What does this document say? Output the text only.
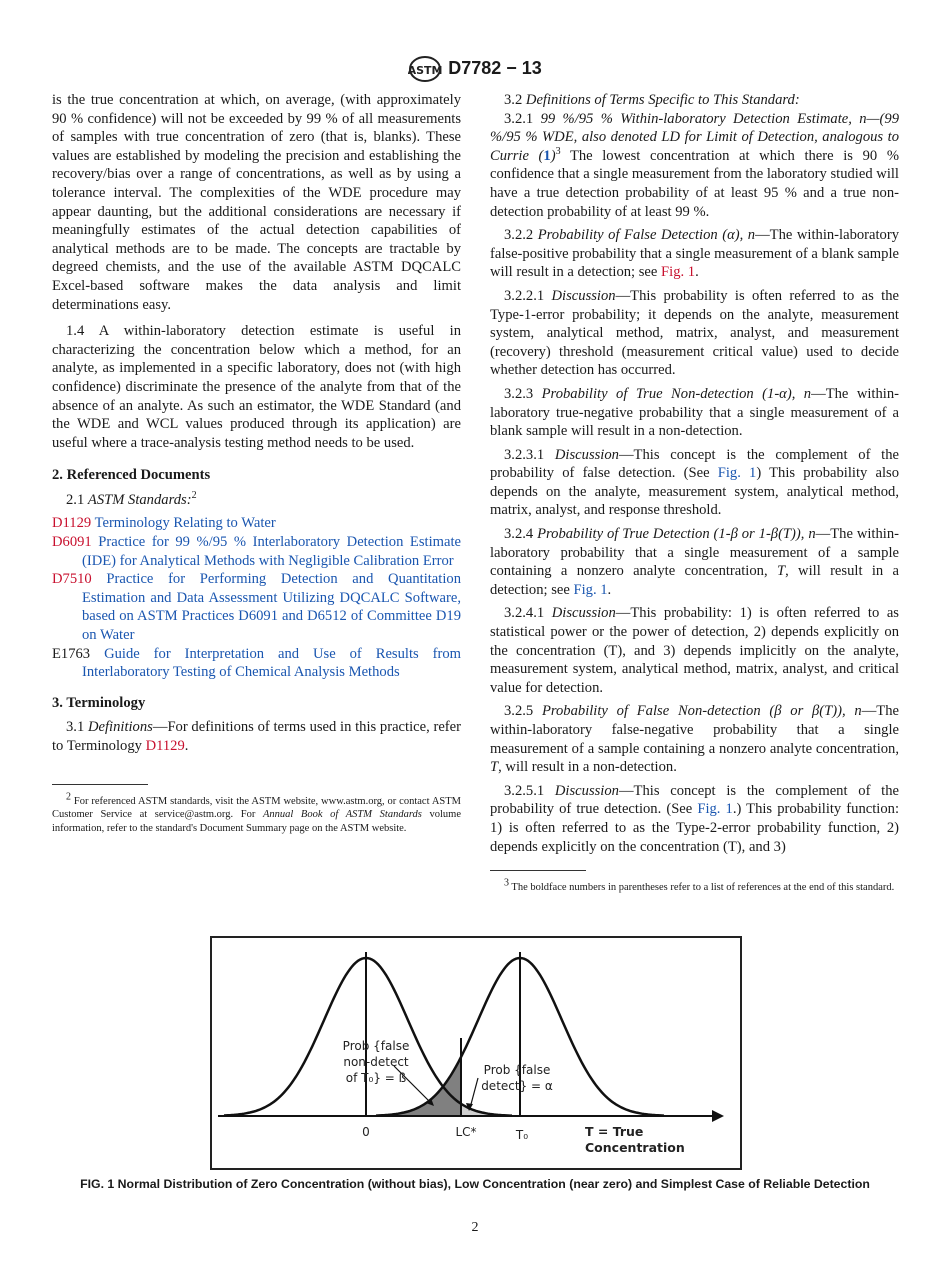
ASTM D7782 − 13

is the true concentration at which, on average, (with approximately 90 % confidence) will not be exceeded by 99 % of all measurements of samples with true concentration of zero (that is, blanks). These values are established by modeling the precision and establishing the recovery/bias over a range of concentrations, as well as by using a tolerance interval. The complexities of the WDE procedure may appear daunting, but the additional considerations are necessary if meaningfully estimates of the actual detection capabilities of analytical methods are to be made. The concepts are tractable by degreed chemists, and the use of the available ASTM DQCALC Excel-based software makes the data analysis and limit determinations easy.

1.4 A within-laboratory detection estimate is useful in characterizing the concentration below which a method, for an analyte, as implemented in a specific laboratory, does not (with high confidence) discriminate the presence of the analyte from that of the absence of an analyte. As such an estimator, the WDE Standard (and the WDE and WCL values produced through its application) are useful where a trace-analysis testing method needs to be used.

2. Referenced Documents

2.1 ASTM Standards:$^2$

D1129 Terminology Relating to Water

D6091 Practice for 99 %/95 % Interlaboratory Detection Estimate (IDE) for Analytical Methods with Negligible Calibration Error

D7510 Practice for Performing Detection and Quantitation Estimation and Data Assessment Utilizing DQCALC Software, based on ASTM Practices D6091 and D6512 of Committee D19 on Water

E1763 Guide for Interpretation and Use of Results from Interlaboratory Testing of Chemical Analysis Methods

3. Terminology

3.1 Definitions—For definitions of terms used in this practice, refer to Terminology D1129.

$^2$ For referenced ASTM standards, visit the ASTM website, www.astm.org, or contact ASTM Customer Service at service@astm.org. For Annual Book of ASTM Standards volume information, refer to the standard's Document Summary page on the ASTM website.

3.2 Definitions of Terms Specific to This Standard:

3.2.1 99 %/95 % Within-laboratory Detection Estimate, n—(99 %/95 % WDE, also denoted LD for Limit of Detection, analogous to Currie $(1)^3$ The lowest concentration at which there is 90 % confidence that a single measurement from the laboratory studied will have a true detection probability of at least 95 % and a true non-detection probability of at least 99 %.

3.2.2 Probability of False Detection (α), n—The within-laboratory false-positive probability that a single measurement of a blank sample will result in a detection; see Fig. 1.

3.2.2.1 Discussion—This probability is often referred to as the Type-1-error probability; it depends on the analyte, measurement system, analytical method, matrix, analyst, and measurement (recovery) threshold (measurement critical value) used to decide whether detection has occurred.

3.2.3 Probability of True Non-detection (1-α), n—The within-laboratory true-negative probability that a single measurement of a blank sample will result in a non-detection.

3.2.3.1 Discussion—This concept is the complement of the probability of false detection. (See Fig. 1) This probability also depends on the analyte, measurement system, analytical method, matrix, analyst, and response threshold.

3.2.4 Probability of True Detection (1-β or 1-β(T)), n—The within-laboratory probability that a single measurement of a sample containing a nonzero analyte concentration, T, will result in a detection; see Fig. 1.

3.2.4.1 Discussion—This probability: 1) is often referred to as statistical power or the power of detection, 2) depends explicitly on the concentration (T), and 3) depends implicitly on the analyte, measurement system, analytical method, matrix, analyst, and critical value for detection.

3.2.5 Probability of False Non-detection (β or β(T)), n—The within-laboratory false-negative probability that a single measurement of a sample containing a nonzero analyte concentration, T, will result in a non-detection.

3.2.5.1 Discussion—This concept is the complement of the probability of true detection. (See Fig. 1.) This probability function: 1) is often referred to as the Type-2-error probability function, 2) depends explicitly on the concentration (T), and 3)

$^3$ The boldface numbers in parentheses refer to a list of references at the end of this standard.

Prob {false
non-detect
of T₀} = ß
Prob {false
detect} = α
0	LC*	T₀	T = True
Concentration
FIG. 1 Normal Distribution of Zero Concentration (without bias), Low Concentration (near zero) and Simplest Case of Reliable Detection
2
